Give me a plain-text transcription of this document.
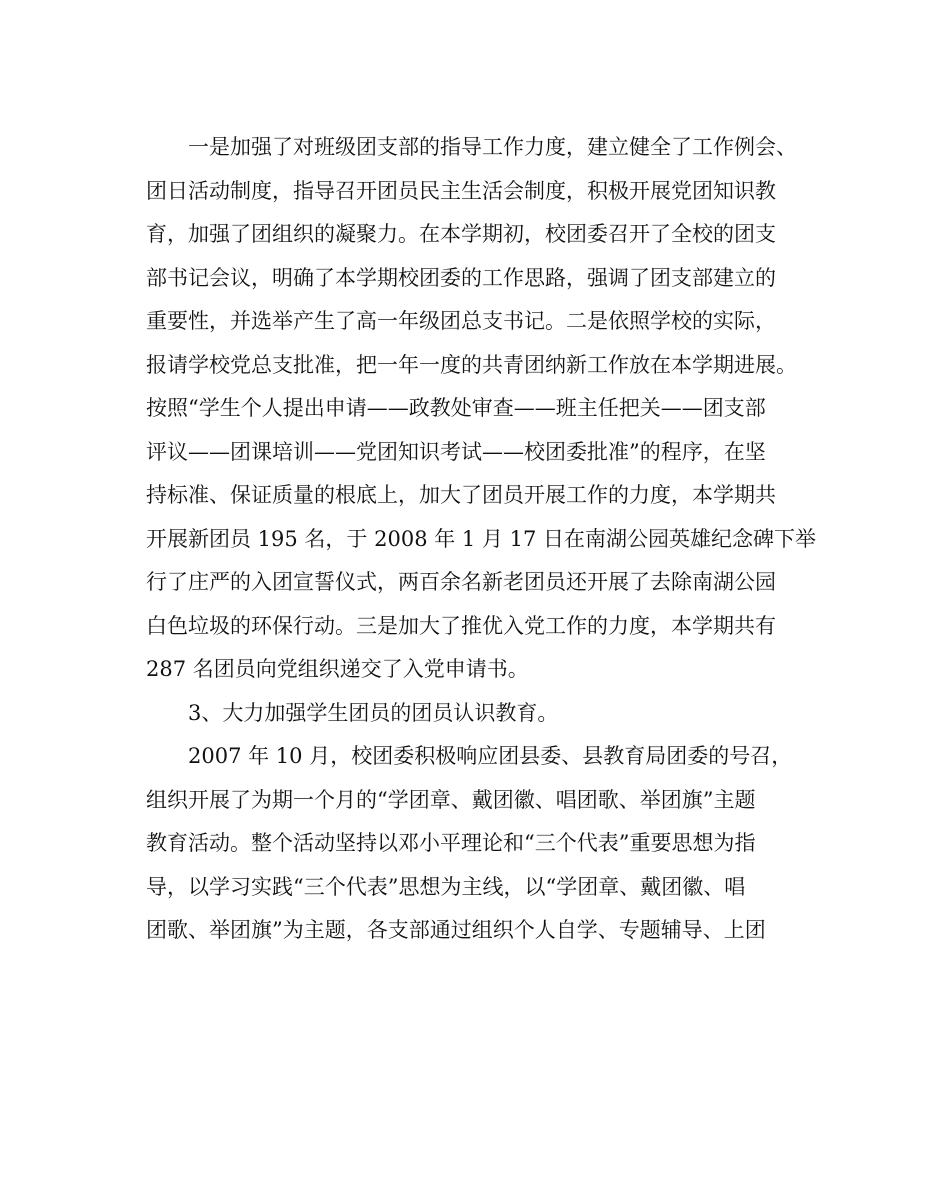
一是加强了对班级团支部的指导工作力度，建立健全了工作例会、
团日活动制度，指导召开团员民主生活会制度，积极开展党团知识教
育，加强了团组织的凝聚力。在本学期初，校团委召开了全校的团支
部书记会议，明确了本学期校团委的工作思路，强调了团支部建立的
重要性，并选举产生了高一年级团总支书记。二是依照学校的实际，
报请学校党总支批准，把一年一度的共青团纳新工作放在本学期进展。
按照“学生个人提出申请——政教处审查——班主任把关——团支部
评议——团课培训——党团知识考试——校团委批准”的程序，在坚
持标准、保证质量的根底上，加大了团员开展工作的力度，本学期共
开展新团员 195 名，于 2008 年 1 月 17 日在南湖公园英雄纪念碑下举
行了庄严的入团宣誓仪式，两百余名新老团员还开展了去除南湖公园
白色垃圾的环保行动。三是加大了推优入党工作的力度，本学期共有
287 名团员向党组织递交了入党申请书。
3、大力加强学生团员的团员认识教育。
2007 年 10 月，校团委积极响应团县委、县教育局团委的号召，
组织开展了为期一个月的“学团章、戴团徽、唱团歌、举团旗”主题
教育活动。整个活动坚持以邓小平理论和“三个代表”重要思想为指
导，以学习实践“三个代表”思想为主线，以“学团章、戴团徽、唱
团歌、举团旗”为主题，各支部通过组织个人自学、专题辅导、上团
